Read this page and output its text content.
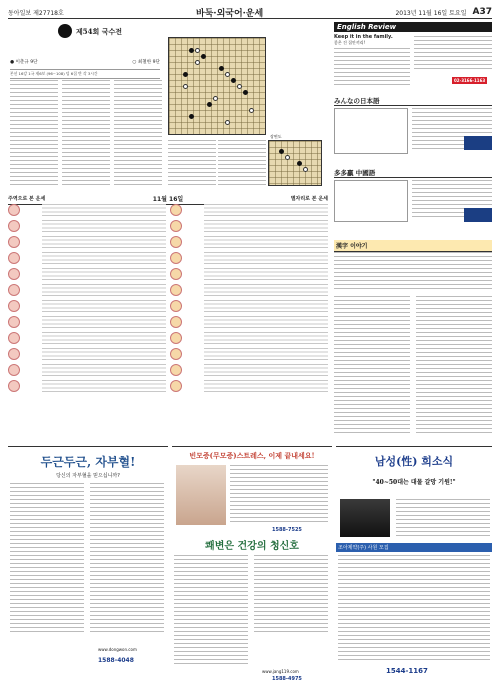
동아일보 제27718호	바둑·외국어·운세	2013년 11월 16일 토요일 A37
제54회 국수전
● 이춘규 9단	○ 최철한 9단
본선 16강 1국 제6보 (96~108) 덤 6집 반 각 3시간
장면도
English Review
Keep it in the family.
좋은 건 집안끼리!
02-3166-1163
みんなの日本語
多多贏 中國語
주역으로 본 운세	11월 16일	별자리로 본 운세
漢字 이야기
두근두근, 자부혈!
당신의 자부혈을 믿으십니까?
www.dongwon.com
1588-4048
빈모증(무모증)스트레스, 이제 끝내세요!
1588-7525
쾌변은 건강의 청신호
www.jang119.com
1588-4975
남성(性) 희소식
"40~50대는 대물 갈망 기원!"
조아제약(주) 사원 모집
1544-1167
